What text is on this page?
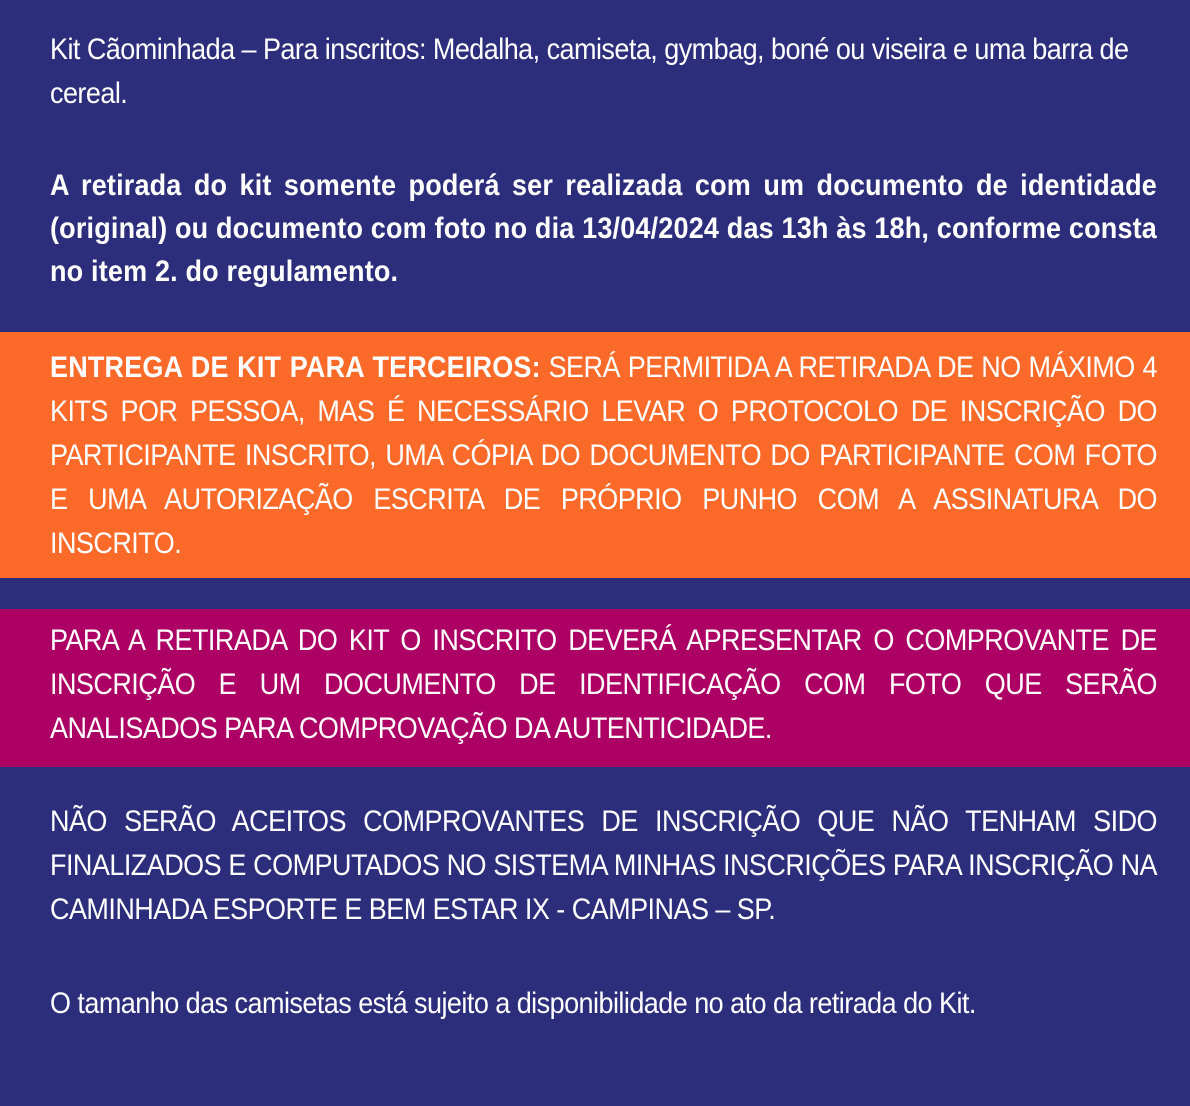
Kit Cãominhada – Para inscritos: Medalha, camiseta, gymbag, boné ou viseira e uma barra de cereal.

A retirada do kit somente poderá ser realizada com um documento de identidade (original) ou documento com foto no dia 13/04/2024 das 13h às 18h, conforme consta no item 2. do regulamento.

ENTREGA DE KIT PARA TERCEIROS: SERÁ PERMITIDA A RETIRADA DE NO MÁXIMO 4 KITS POR PESSOA, MAS É NECESSÁRIO LEVAR O PROTOCOLO DE INSCRIÇÃO DO PARTICIPANTE INSCRITO, UMA CÓPIA DO DOCUMENTO DO PARTICIPANTE COM FOTO E UMA AUTORIZAÇÃO ESCRITA DE PRÓPRIO PUNHO COM A ASSINATURA DO INSCRITO.

PARA A RETIRADA DO KIT O INSCRITO DEVERÁ APRESENTAR O COMPROVANTE DE INSCRIÇÃO E UM DOCUMENTO DE IDENTIFICAÇÃO COM FOTO QUE SERÃO ANALISADOS PARA COMPROVAÇÃO DA AUTENTICIDADE.

NÃO SERÃO ACEITOS COMPROVANTES DE INSCRIÇÃO QUE NÃO TENHAM SIDO FINALIZADOS E COMPUTADOS NO SISTEMA MINHAS INSCRIÇÕES PARA INSCRIÇÃO NA CAMINHADA ESPORTE E BEM ESTAR IX - CAMPINAS – SP.

O tamanho das camisetas está sujeito a disponibilidade no ato da retirada do Kit.
